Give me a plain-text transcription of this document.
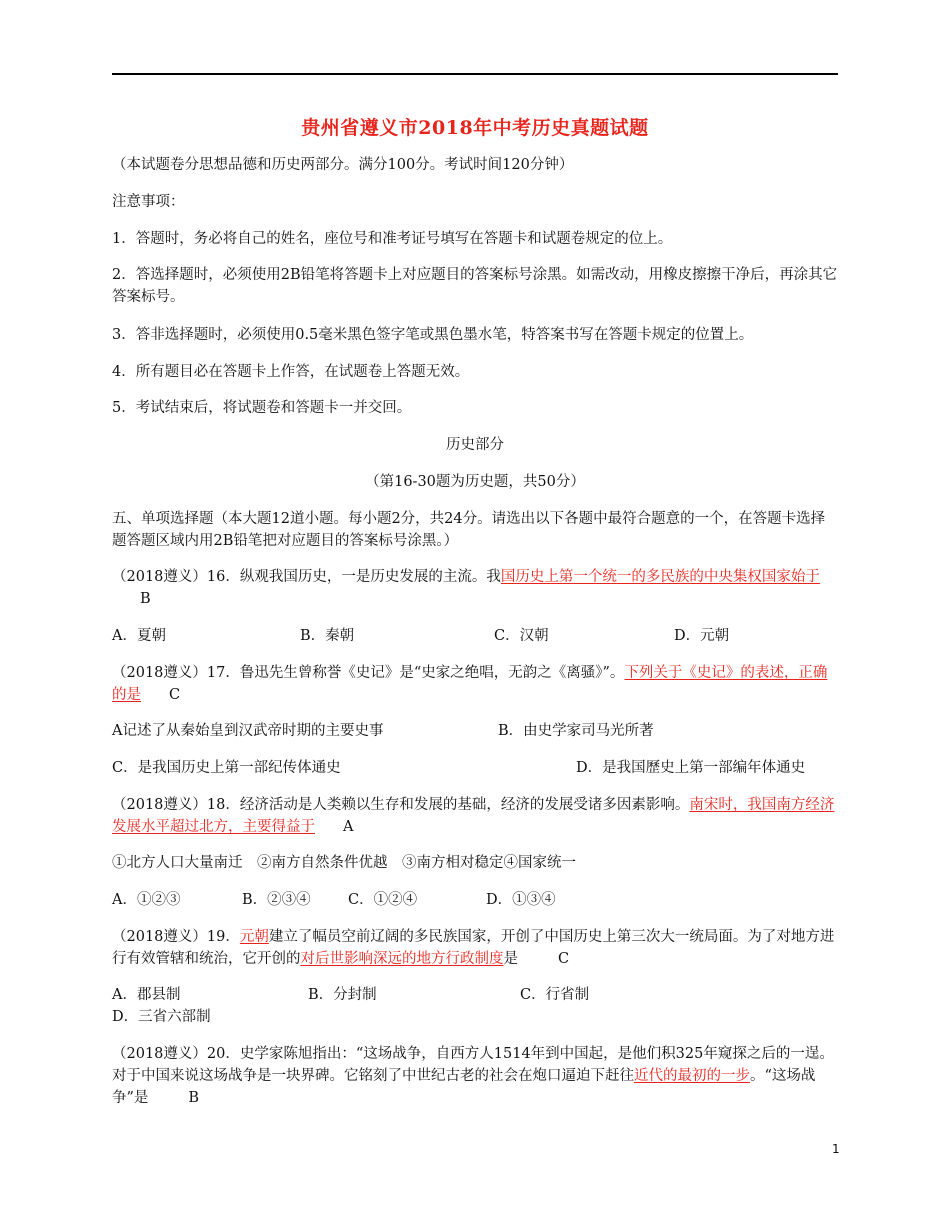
贵州省遵义市2018年中考历史真题试题
（本试题卷分思想品德和历史两部分。满分100分。考试时间120分钟）
注意事项：
1．答题时，务必将自己的姓名，座位号和准考证号填写在答题卡和试题卷规定的位上。
2．答选择题时，必须使用2B铅笔将答题卡上对应题目的答案标号涂黑。如需改动，用橡皮擦擦干净后，再涂其它答案标号。
3．答非选择题时，必须使用0.5毫米黑色签字笔或黑色墨水笔，特答案书写在答题卡规定的位置上。
4．所有题目必在答题卡上作答，在试题卷上答题无效。
5．考试结束后，将试题卷和答题卡一并交回。
历史部分
（第16-30题为历史题，共50分）
五、单项选择题（本大题12道小题。每小题2分，共24分。请选出以下各题中最符合题意的一个，在答题卡选择题答题区域内用2B铅笔把对应题目的答案标号涂黑。）
（2018遵义）16．纵观我国历史，一是历史发展的主流。我国历史上第一个统一的多民族的中央集权国家始于B
A．夏朝	B．秦朝	C．汉朝	D．元朝
（2018遵义）17．鲁迅先生曾称誉《史记》是“史家之绝唱，无韵之《离骚》”。下列关于《史记》的表述，正确的是 C
A记述了从秦始皇到汉武帝时期的主要史事	B．由史学家司马光所著
C．是我国历史上第一部纪传体通史	D．是我国歷史上第一部编年体通史
（2018遵义）18．经济活动是人类赖以生存和发展的基础，经济的发展受诸多因素影响。南宋时，我国南方经济发展水平超过北方，主要得益于 A
①北方人口大量南迁　②南方自然条件优越　③南方相对稳定④国家统一
A．①②③	B．②③④	C．①②④	D．①③④
（2018遵义）19．元朝建立了幅员空前辽阔的多民族国家，开创了中国历史上第三次大一统局面。为了对地方进行有效管辖和统治，它开创的对后世影响深远的地方行政制度是	C
A．郡县制	B．分封制	C．行省制
D．三省六部制
（2018遵义）20．史学家陈旭指出：“这场战争，自西方人1514年到中国起，是他们积325年窥探之后的一逞。对于中国来说这场战争是一块界碑。它铭刻了中世纪古老的社会在炮口逼迫下赶往近代的最初的一步。“这场战争”是	B
1
